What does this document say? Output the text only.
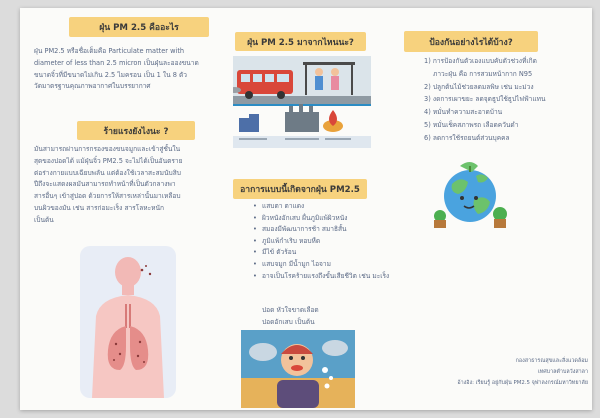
ฝุ่น PM 2.5 คืออะไร

ฝุ่น PM2.5 หรือชื่อเต็มคือ Particulate matter with

diameter of less than 2.5 micron เป็นฝุ่นละอองขนาด

ขนาดจิ๋วที่มีขนาดไม่เกิน 2.5 ไมครอน เป็น 1 ใน 8 ตัว

วัดมาตรฐานคุณภาพอากาศในบรรยากาศ

ร้ายแรงยังไงนะ ?

มันสามารถผ่านการกรองของขนจมูกและเข้าสู่ชั้นใน

สุดของปอดได้ แม้ฝุ่นจิ๋ว PM2.5 จะไม่ได้เป็นอันตราย

ต่อร่างกายแบบเฉียบพลัน แต่ต้องใช้เวลาสะสมนับสิบ

ปีถึงจะแสดงผลมันสามารถทำหน้าที่เป็นตัวกลางพา

สารอื่นๆ เข้าสู่ปอด ด้วยการให้สารเหล่านั้นมาเหลือบ

บนผิวของมัน เช่น สารก่อมะเร็ง สารโลหะหนัก

เป็นต้น

ฝุ่น PM 2.5 มาจากไหนนะ?
อาการแบบนี้เกิดจากฝุ่น PM2.5
• แสบตา ตาแดง
• ผิวหนังอักเสบ ผื่นภูมิแพ้ผิวหนัง
• สมองมีพัฒนาการช้า สมาธิสั้น
• ภูมิแพ้กำเริบ หอบหืด
• มีไข้ ตัวร้อน
• แสบจมูก มีน้ำมูก ไอจาม
• อาจเป็นโรคร้ายแรงถึงขั้นเสียชีวิต เช่น มะเร็ง

ปอด หัวใจขาดเลือด

ปอดอักเสบ เป็นต้น

ป้องกันอย่างไรได้บ้าง?
1) การป้องกันตัวเองแบบคับตัวช่วงที่เกิด
ภาวะฝุ่น คือ การสวมหน้ากาก N95
2) ปลูกต้นไม้ช่วยลดมลพิษ เช่น มะม่วง
3) งดการเผาขยะ ลดจุดธูปใช้ธูปไฟฟ้าแทน
4) หมั่นทำความสะอาดบ้าน
5) หมั่นเช็คสภาพรถ เลือดควันดำ
6) ลดการใช้รถยนต์ส่วนบุคคล
กองสาธารณสุขและสิ่งแวดล้อม
เทศบาลตำบลวังสาลา
อ้างอิง: เรียนรู้ อยู่กับฝุ่น PM2.5 จุฬาลงกรณ์มหาวิทยาลัย
